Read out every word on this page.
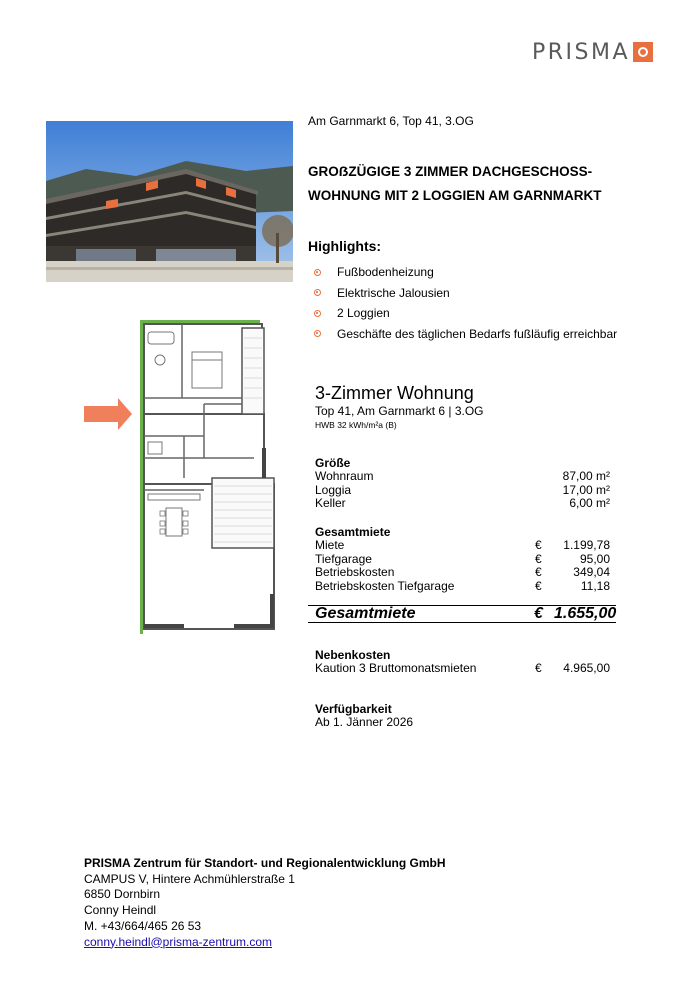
PRISMA
Am Garnmarkt 6, Top 41, 3.OG
GROẞZÜGIGE 3 ZIMMER DACHGESCHOSS-
WOHNUNG MIT 2 LOGGIEN AM GARNMARKT
Highlights:
Fußbodenheizung
Elektrische Jalousien
2 Loggien
Geschäfte des täglichen Bedarfs fußläufig erreichbar
3-Zimmer Wohnung
Top 41, Am Garnmarkt 6 | 3.OG
HWB 32 kWh/m²a (B)
Größe
Wohnraum	87,00 m²
Loggia	17,00 m²
Keller	6,00 m²
Gesamtmiete
Miete	€	1.199,78
Tiefgarage	€	95,00
Betriebskosten	€	349,04
Betriebskosten Tiefgarage	€	11,18
Gesamtmiete	€ 1.655,00
Nebenkosten
Kaution 3 Bruttomonatsmieten	€	4.965,00
Verfügbarkeit
Ab 1. Jänner 2026
PRISMA Zentrum für Standort- und Regionalentwicklung GmbH
CAMPUS V, Hintere Achmühlerstraße 1
6850 Dornbirn
Conny Heindl
M. +43/664/465 26 53
conny.heindl@prisma-zentrum.com
